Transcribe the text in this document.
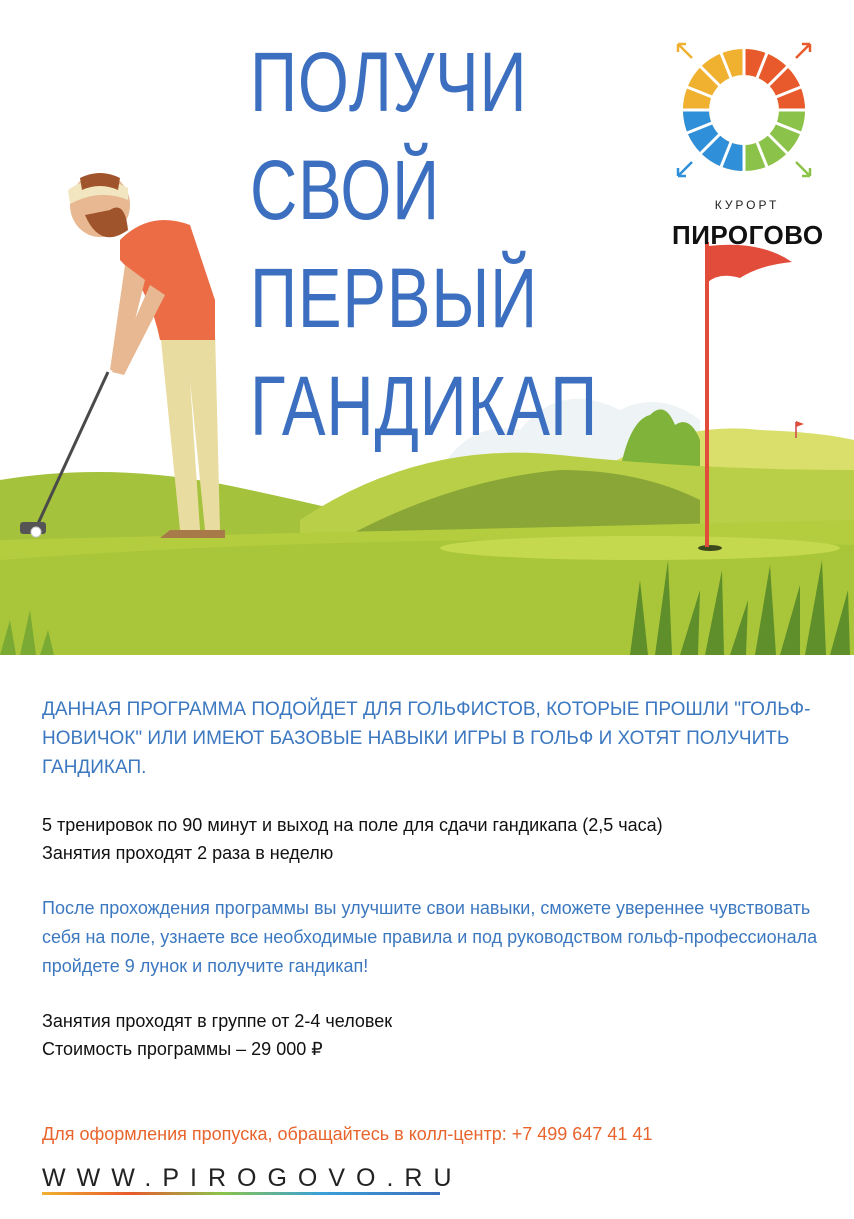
ПОЛУЧИ
СВОЙ
ПЕРВЫЙ
ГАНДИКАП
КУРОРТ
ПИРОГОВО

ДАННАЯ ПРОГРАММА ПОДОЙДЕТ ДЛЯ ГОЛЬФИСТОВ, КОТОРЫЕ ПРОШЛИ "ГОЛЬФ-НОВИЧОК" ИЛИ ИМЕЮТ БАЗОВЫЕ НАВЫКИ ИГРЫ В ГОЛЬФ И ХОТЯТ ПОЛУЧИТЬ ГАНДИКАП.

5 тренировок по 90 минут и выход на поле для сдачи гандикапа (2,5 часа)

Занятия проходят 2 раза в неделю

После прохождения программы вы улучшите свои навыки, сможете увереннее чувствовать себя на поле, узнаете все необходимые правила и под руководством гольф-профессионала пройдете 9 лунок и получите гандикап!

Занятия проходят в группе от 2-4 человек

Стоимость программы – 29 000 ₽

Для оформления пропуска, обращайтесь в колл-центр: +7 499 647 41 41

WWW.PIROGOVO.RU
